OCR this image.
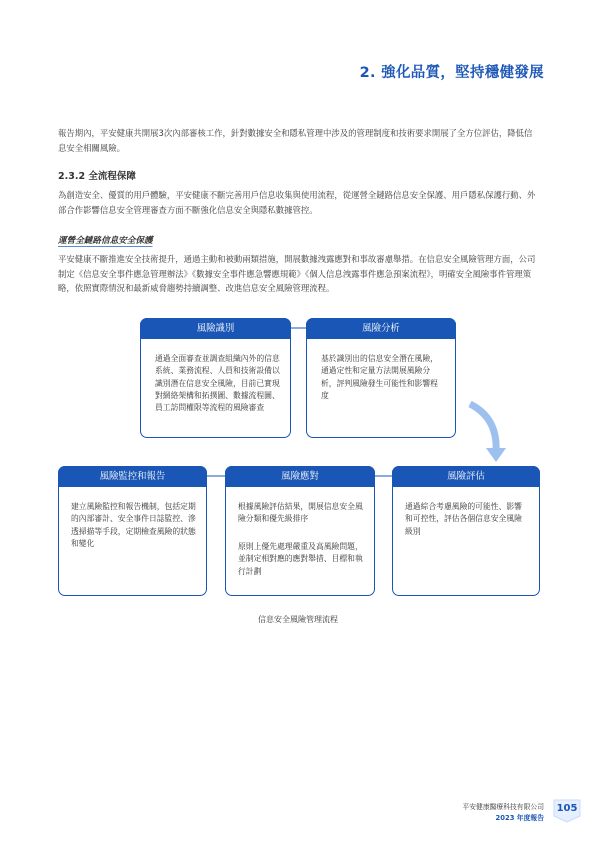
2. 強化品質，堅持穩健發展

報告期內，平安健康共開展3次內部審核工作，針對數據安全和隱私管理中涉及的管理制度和技術要求開展了全方位評估，降低信息安全相關風險。

2.3.2 全流程保障

為創造安全、優質的用戶體驗，平安健康不斷完善用戶信息收集與使用流程，從運營全鏈路信息安全保護、用戶隱私保護行動、外部合作影響信息安全管理審查方面不斷強化信息安全與隱私數據管控。

運營全鏈路信息安全保護

平安健康不斷推進安全技術提升，通過主動和被動兩類措施，開展數據洩露應對和事故審慮舉措。在信息安全風險管理方面，公司制定《信息安全事件應急管理辦法》《數據安全事件應急響應規範》《個人信息洩露事件應急預案流程》，明確安全風險事件管理策略，依照實際情況和最新威脅趨勢持續調整、改進信息安全風險管理流程。

風險識別
通過全面審查並調查組織內外的信息系統、業務流程、人員和技術設備以識別潛在信息安全風險，目前已實現對網絡架構和拓撲圖、數據流程圖、員工訪問權限等流程的風險審查
風險分析
基於識別出的信息安全潛在風險，通過定性和定量方法開展風險分析，評判風險發生可能性和影響程度
風險監控和報告
建立風險監控和報告機制，包括定期的內部審計、安全事件日誌監控、滲透掃描等手段，定期檢查風險的狀態和變化
風險應對
根據風險評估結果，開展信息安全風險分類和優先級排序
原則上優先處理嚴重及高風險問題，並制定相對應的應對舉措、目標和執行計劃
風險評估
通過綜合考慮風險的可能性、影響和可控性，評估各個信息安全風險級別
信息安全風險管理流程
平安健康醫療科技有限公司
2023 年度報告
105
